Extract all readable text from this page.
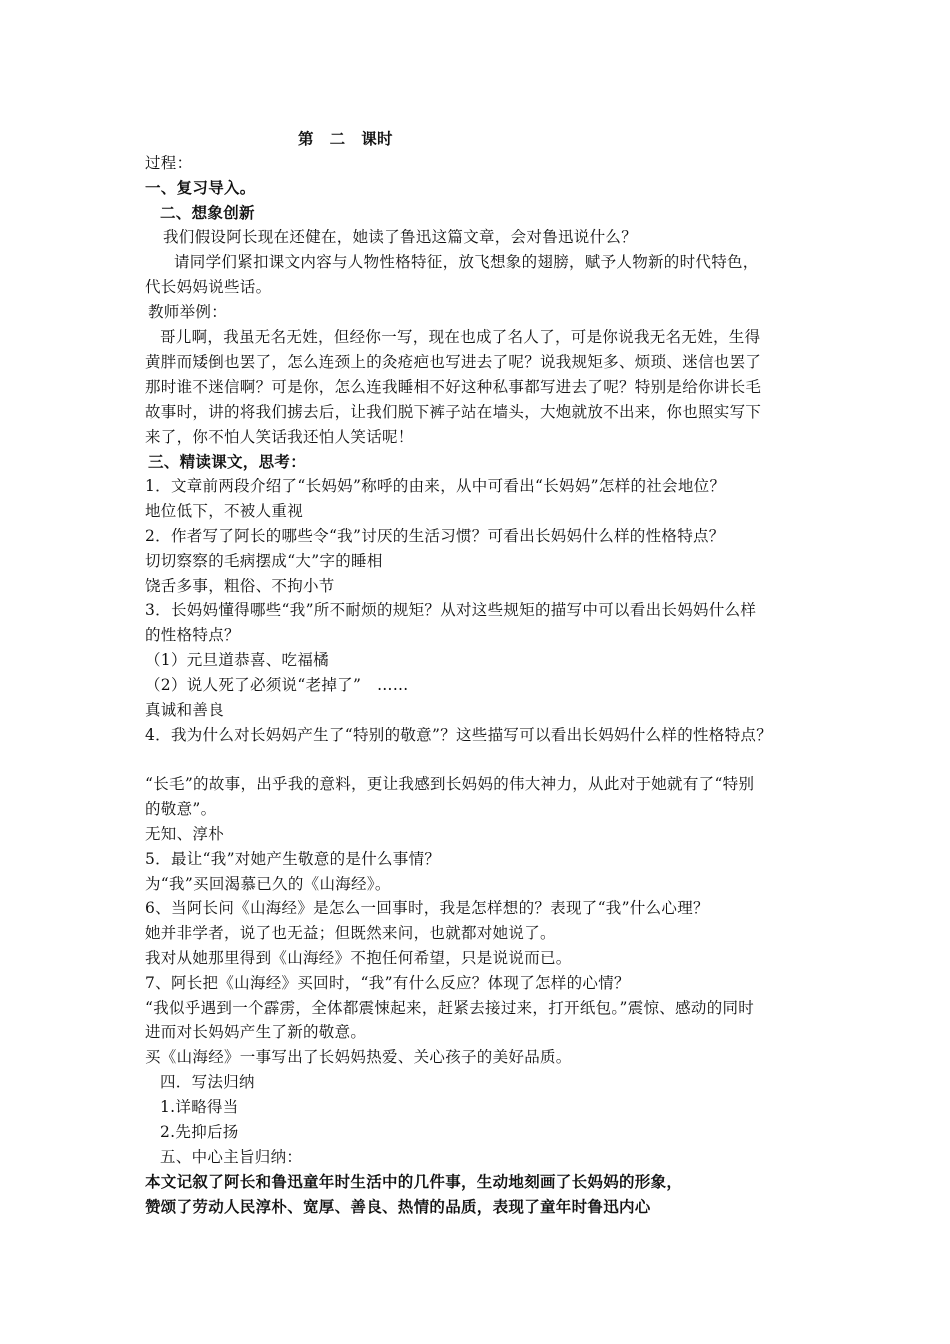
第　二　课时
过程：
一、复习导入。
二、想象创新
我们假设阿长现在还健在，她读了鲁迅这篇文章，会对鲁迅说什么？
请同学们紧扣课文内容与人物性格特征，放飞想象的翅膀，赋予人物新的时代特色，
代长妈妈说些话。
教师举例：
哥儿啊，我虽无名无姓，但经你一写，现在也成了名人了，可是你说我无名无姓，生得
黄胖而矮倒也罢了，怎么连颈上的灸疮疤也写进去了呢？说我规矩多、烦琐、迷信也罢了
那时谁不迷信啊？可是你，怎么连我睡相不好这种私事都写进去了呢？特别是给你讲长毛
故事时，讲的将我们掳去后，让我们脱下裤子站在墙头，大炮就放不出来，你也照实写下
来了，你不怕人笑话我还怕人笑话呢！
三、精读课文，思考：
1．文章前两段介绍了“长妈妈”称呼的由来，从中可看出“长妈妈”怎样的社会地位？
地位低下，不被人重视
2．作者写了阿长的哪些令“我”讨厌的生活习惯？可看出长妈妈什么样的性格特点？
切切察察的毛病摆成“大”字的睡相
饶舌多事，粗俗、不拘小节
3．长妈妈懂得哪些“我”所不耐烦的规矩？从对这些规矩的描写中可以看出长妈妈什么样
的性格特点？
（1）元旦道恭喜、吃福橘
（2）说人死了必须说“老掉了”　……
真诚和善良
4．我为什么对长妈妈产生了“特别的敬意”？这些描写可以看出长妈妈什么样的性格特点？
“长毛”的故事，出乎我的意料，更让我感到长妈妈的伟大神力，从此对于她就有了“特别
的敬意”。
无知、淳朴
5．最让“我”对她产生敬意的是什么事情？
为“我”买回渴慕已久的《山海经》。
6、当阿长问《山海经》是怎么一回事时，我是怎样想的？表现了“我”什么心理？
她并非学者，说了也无益；但既然来问，也就都对她说了。
我对从她那里得到《山海经》不抱任何希望，只是说说而已。
7、阿长把《山海经》买回时，“我”有什么反应？体现了怎样的心情？
“我似乎遇到一个霹雳，全体都震悚起来，赶紧去接过来，打开纸包。”震惊、感动的同时
进而对长妈妈产生了新的敬意。
买《山海经》一事写出了长妈妈热爱、关心孩子的美好品质。
四．写法归纳
1.详略得当
2.先抑后扬
五、中心主旨归纳：
本文记叙了阿长和鲁迅童年时生活中的几件事，生动地刻画了长妈妈的形象，
赞颂了劳动人民淳朴、宽厚、善良、热情的品质，表现了童年时鲁迅内心
